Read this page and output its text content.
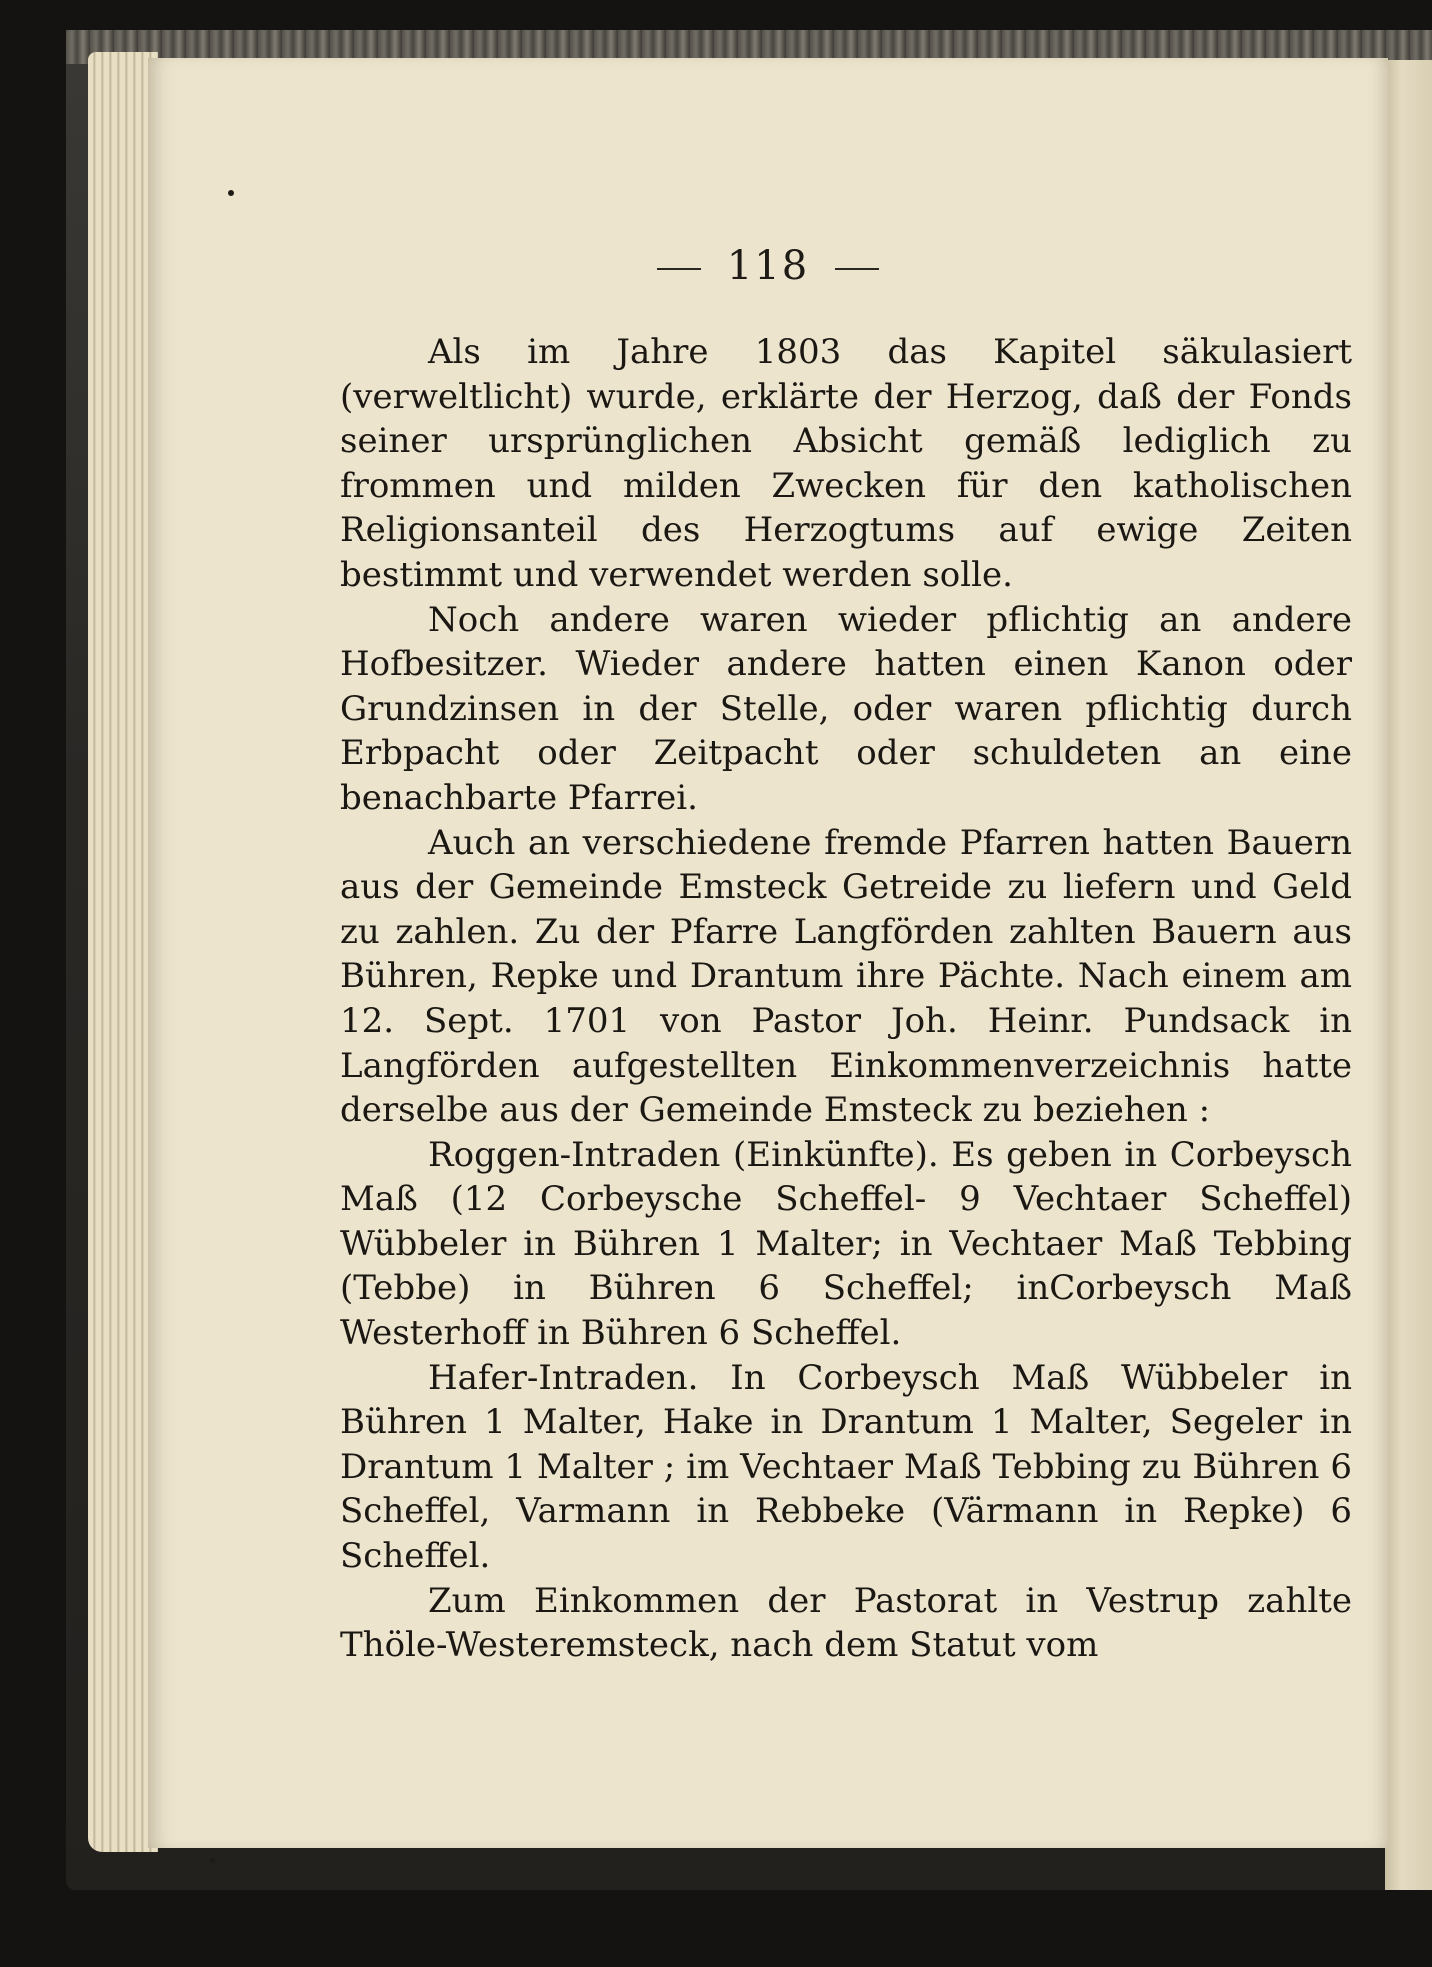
118

Als im Jahre 1803 das Kapitel säkulasiert (verweltlicht) wurde, erklärte der Herzog, daß der Fonds seiner ursprünglichen Absicht gemäß lediglich zu frommen und milden Zwecken für den katholischen Religionsanteil des Herzogtums auf ewige Zeiten bestimmt und verwendet werden solle.

Noch andere waren wieder pflichtig an andere Hofbesitzer. Wieder andere hatten einen Kanon oder Grundzinsen in der Stelle, oder waren pflichtig durch Erbpacht oder Zeitpacht oder schuldeten an eine benachbarte Pfarrei.

Auch an verschiedene fremde Pfarren hatten Bauern aus der Gemeinde Emsteck Getreide zu liefern und Geld zu zahlen. Zu der Pfarre Langförden zahlten Bauern aus Bühren, Repke und Drantum ihre Pächte. Nach einem am 12. Sept. 1701 von Pastor Joh. Heinr. Pundsack in Langförden aufgestellten Einkommenverzeichnis hatte derselbe aus der Gemeinde Emsteck zu beziehen :

Roggen-Intraden (Einkünfte). Es geben in Corbeysch Maß (12 Corbeysche Scheffel- 9 Vechtaer Scheffel) Wübbeler in Bühren 1 Malter; in Vechtaer Maß Tebbing (Tebbe) in Bühren 6 Scheffel; inCorbeysch Maß Westerhoff in Bühren 6 Scheffel.

Hafer-Intraden. In Corbeysch Maß Wübbeler in Bühren 1 Malter, Hake in Drantum 1 Malter, Segeler in Drantum 1 Malter ; im Vechtaer Maß Tebbing zu Bühren 6 Scheffel, Varmann in Rebbeke (Värmann in Repke) 6 Scheffel.

Zum Einkommen der Pastorat in Vestrup zahlte Thöle-Westeremsteck, nach dem Statut vom
